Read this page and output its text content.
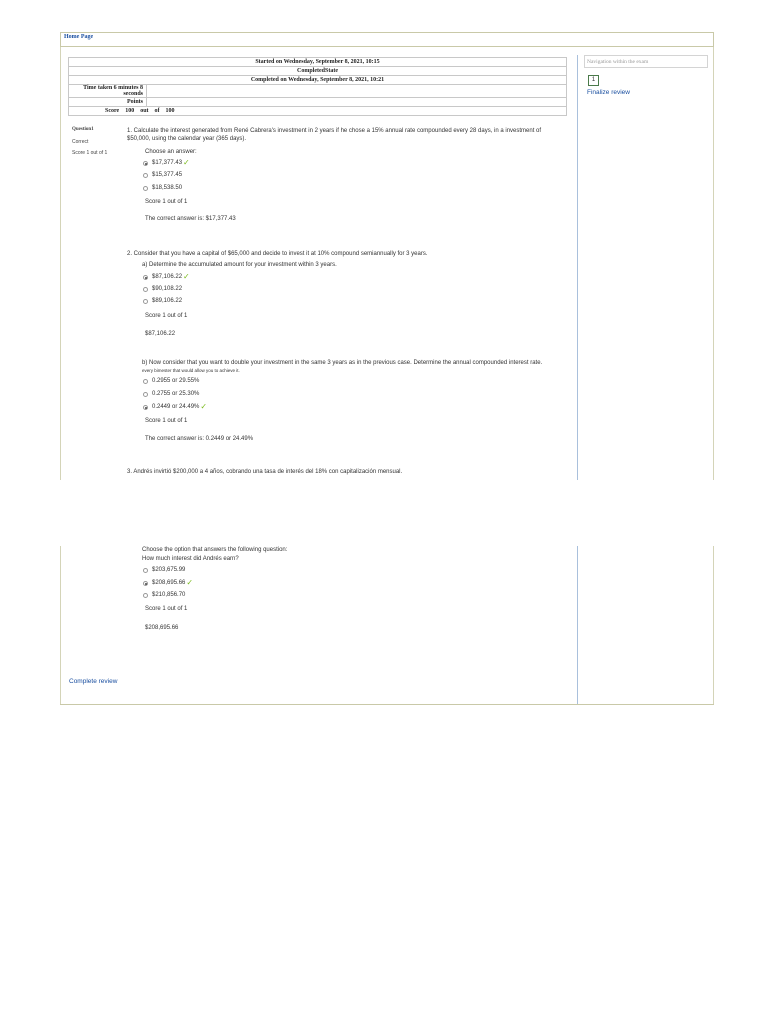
Home Page
Started on Wednesday, September 8, 2021, 10:15	
CompletedState	
Completed on Wednesday, September 8, 2021, 10:21	
Time taken 6 minutes 8 seconds	
Points	
Score    100    out    of    100	
Navigation within the exam
1
Finalize review
Question1
Correct
Score 1 out of 1
1. Calculate the interest generated from René Cabrera's investment in 2 years if he chose a 15% annual rate compounded every 28 days, in a investment of $50,000, using the calendar year (365 days).
Choose an answer:
$17,377.43 ✓
$15,377.45
$18,538.50
Score 1 out of 1
The correct answer is: $17,377.43
2. Consider that you have a capital of $65,000 and decide to invest it at 10% compound semiannually for 3 years.
a) Determine the accumulated amount for your investment within 3 years.
$87,106.22 ✓
$90,108.22
$89,106.22
Score 1 out of 1
$87,106.22
b) Now consider that you want to double your investment in the same 3 years as in the previous case. Determine the annual compounded interest rate.
every bimester that would allow you to achieve it.
0.2955 or 29.55%
0.2755 or 25.30%
0.2449 or 24.49% ✓
Score 1 out of 1
The correct answer is: 0.2449 or 24.49%
3. Andrés invirtió $200,000 a 4 años, cobrando una tasa de interés del 18% con capitalización mensual.
Choose the option that answers the following question:
How much interest did Andrés earn?
$203,675.99
$208,695.66 ✓
$210,856.70
Score 1 out of 1
$208,695.66
Complete review
